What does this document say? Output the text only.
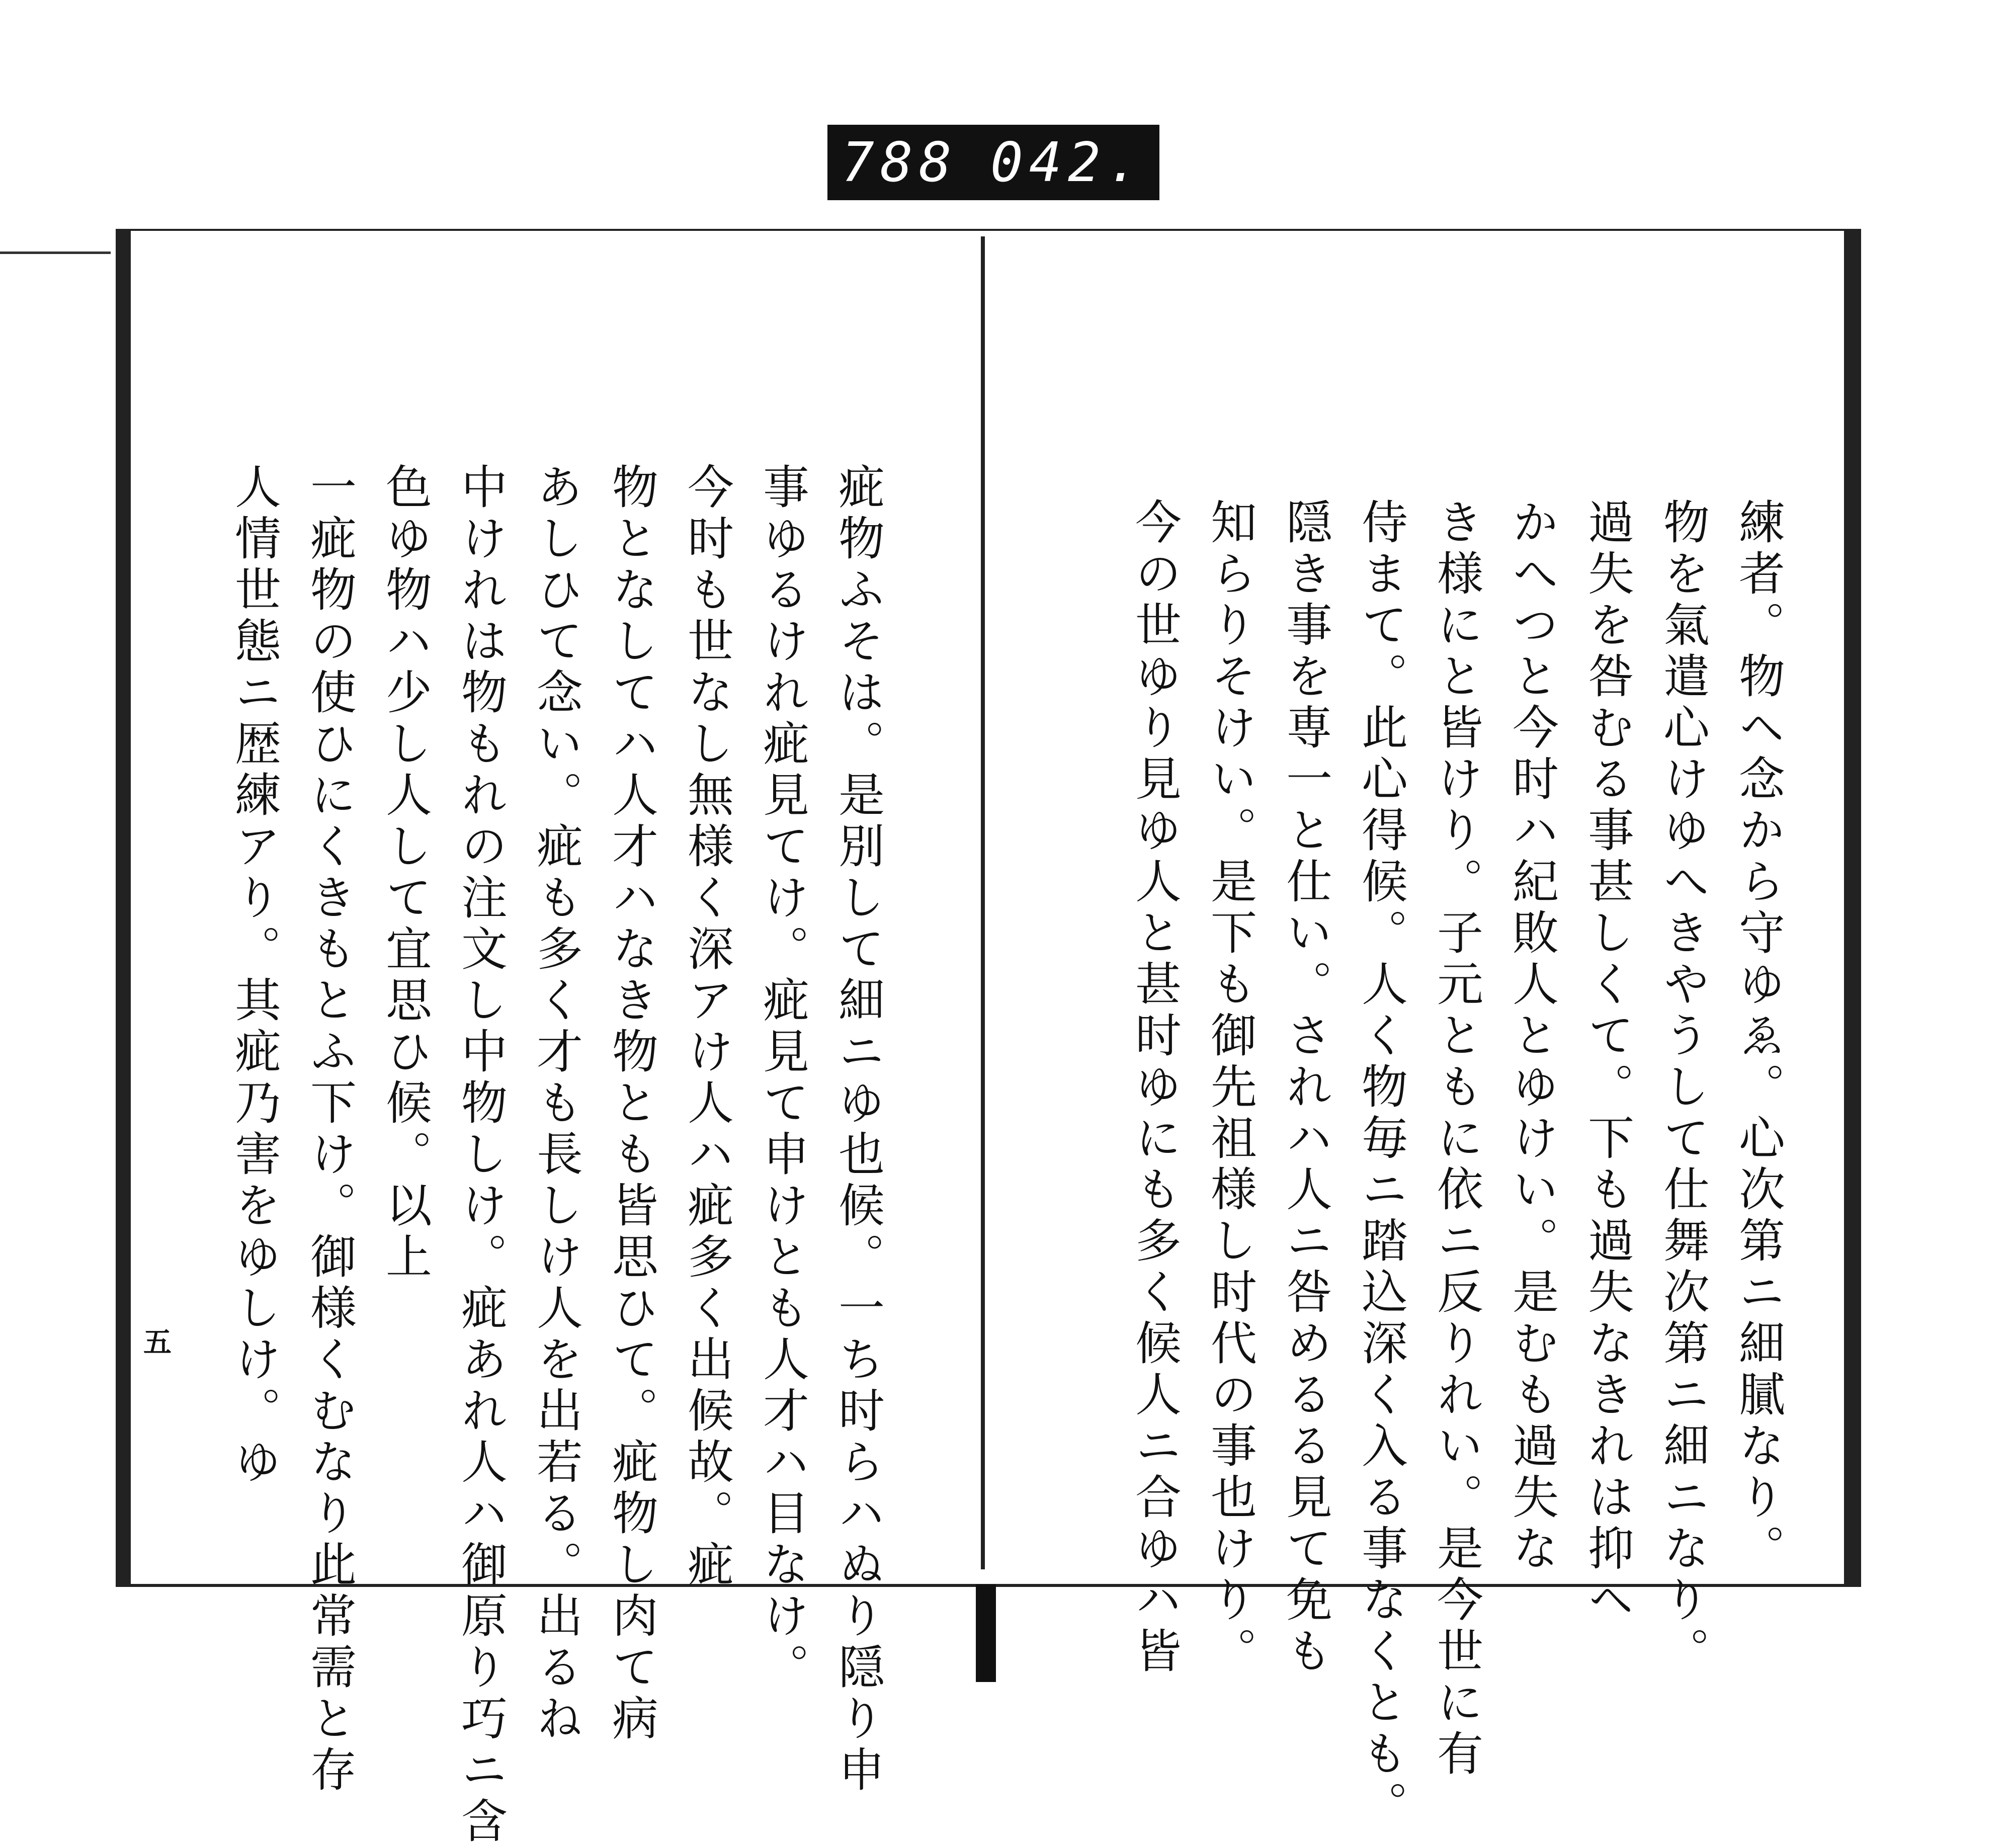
788 042.

練者。物ヘ念から守ゆゑ。心次第ニ細膩なり。

物を氣遣心けゆへきやうして仕舞次第ニ細ニなり。

過失を咎むる事甚しくて。下も過失なきれは抑ヘ

かへつと今时ハ紀敗人とゆけい。是むも過失な

き様にと皆けり。子元ともに依ニ反りれい。是今世に有

侍まて。此心得候。人く物毎ニ踏込深く入る事なくとも。

隠き事を専一と仕い。されハ人ニ咎めるる見て免も

知らりそけい。是下も御先祖様し时代の事也けり。

今の世ゆり見ゆ人と甚时ゆにも多く候人ニ合ゆハ皆

疵物ふそは。是別して細ニゆ也候。一ち时らハぬり隠り申

事ゆるけれ疵見てけ。疵見て申けとも人才ハ目なけ。

今时も世なし無様く深アけ人ハ疵多く出候故。疵

物となしてハ人才ハなき物とも皆思ひて。疵物し肉て病

あしひて念い。疵も多く才も長しけ人を出若る。出るね

中けれは物もれの注文し中物しけ。疵あれ人ハ御原り巧ニ含

色ゆ物ハ少し人して宜思ひ候。以上

一疵物の使ひにくきもとふ下け。御様くむなり此常需と存

人情世態ニ歴練アり。其疵乃害をゆしけ。ゆ

五
